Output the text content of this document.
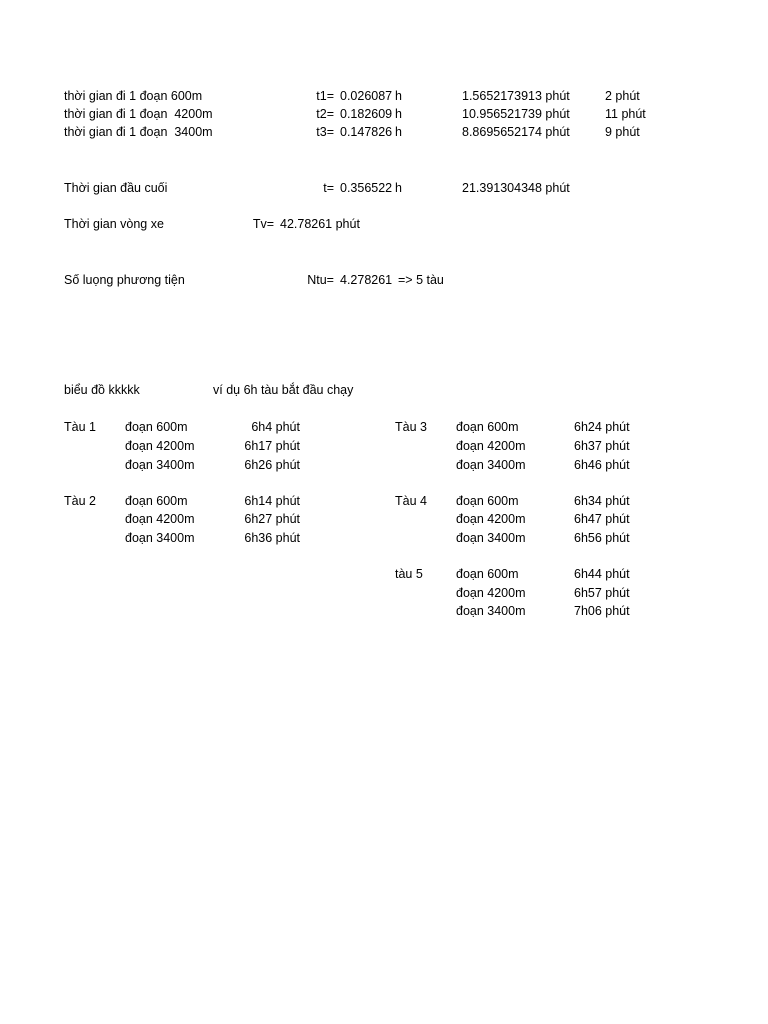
thời gian đi 1 đoạn 600m	t1= 0.026087 h	1.5652173913 phút	2 phút
thời gian đi 1 đoạn  4200m	t2= 0.182609 h	10.956521739 phút	11 phút
thời gian đi 1 đoạn  3400m	t3= 0.147826 h	8.8695652174 phút	9 phút
Thời gian đầu cuối	t= 0.356522 h	21.391304348 phút
Thời gian vòng xe	Tv= 42.78261 phút
Số luọng phương tiện	Ntu= 4.278261 => 5 tàu
biểu đồ kkkkk	ví dụ 6h tàu bắt đầu chạy
Tàu 1 đoạn 600m	6h4 phút
đoạn 4200m	6h17 phút
đoạn 3400m	6h26 phút
Tàu 2 đoạn 600m	6h14 phút
đoạn 4200m	6h27 phút
đoạn 3400m	6h36 phút
Tàu 3 đoạn 600m	6h24 phút
đoạn 4200m	6h37 phút
đoạn 3400m	6h46 phút
Tàu 4 đoạn 600m	6h34 phút
đoạn 4200m	6h47 phút
đoạn 3400m	6h56 phút
tàu 5	đoạn 600m	6h44 phút
đoạn 4200m	6h57 phút
đoạn 3400m	7h06 phút
